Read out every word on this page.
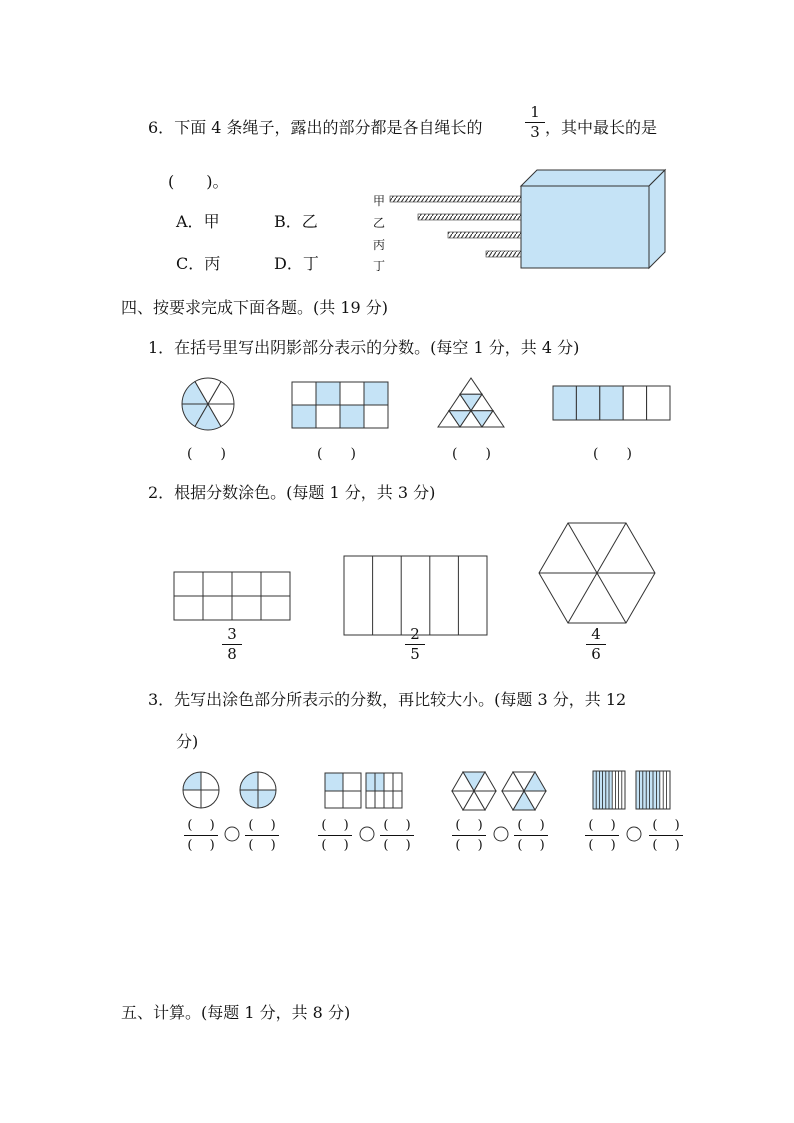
6．下面 4 条绳子，露出的部分都是各自绳长的
1
3 ，其中最长的是
(　　)。
A．甲	B．乙
C．丙	D．丁
甲
乙
丙
丁
四、按要求完成下面各题。(共 19 分)
1．在括号里写出阴影部分表示的分数。(每空 1 分，共 4 分)
(　　)	(　　)	(　　)	(　　)
2．根据分数涂色。(每题 1 分，共 3 分)
3
8
2
5
4
6
3．先写出涂色部分所表示的分数，再比较大小。(每题 3 分，共 12
分)
(　 )
(　 )
(　 )
(　 )
(　 )
(　 )
(　 )
(　 )
(　 )
(　 )
(　 )
(　 )
(　 )
(　 )
(　 )
(　 )
五、计算。(每题 1 分，共 8 分)
